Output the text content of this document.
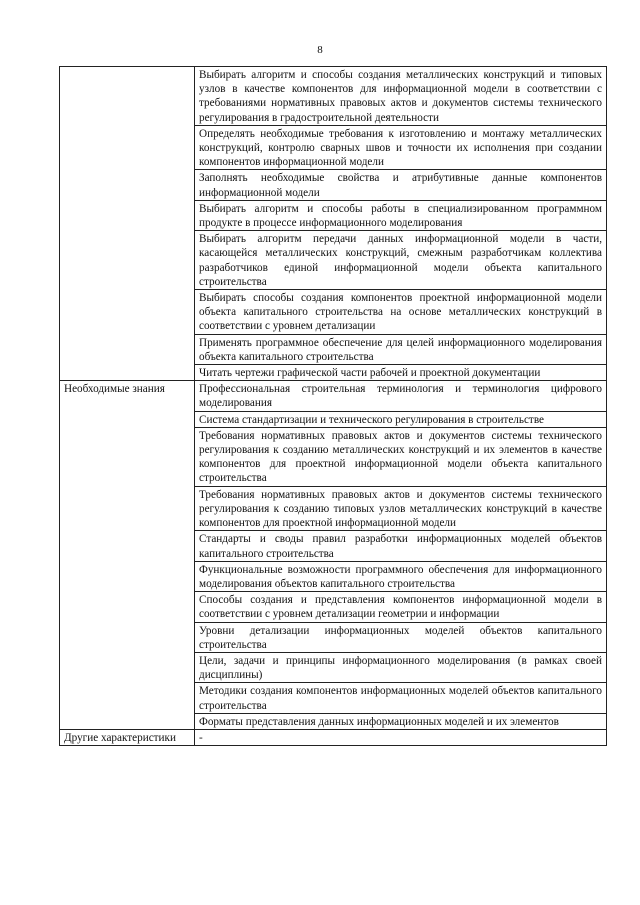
8
	Выбирать алгоритм и способы создания металлических конструкций и типовых узлов в качестве компонентов для информационной модели в соответствии с требованиями нормативных правовых актов и документов системы технического регулирования в градостроительной деятельности
	Определять необходимые требования к изготовлению и монтажу металлических конструкций, контролю сварных швов и точности их исполнения при создании компонентов информационной модели
	Заполнять необходимые свойства и атрибутивные данные компонентов информационной модели
	Выбирать алгоритм и способы работы в специализированном программном продукте в процессе информационного моделирования
	Выбирать алгоритм передачи данных информационной модели в части, касающейся металлических конструкций, смежным разработчикам коллектива разработчиков единой информационной модели объекта капитального строительства
	Выбирать способы создания компонентов проектной информационной модели объекта капитального строительства на основе металлических конструкций в соответствии с уровнем детализации
	Применять программное обеспечение для целей информационного моделирования объекта капитального строительства
	Читать чертежи графической части рабочей и проектной документации
Необходимые знания	Профессиональная строительная терминология и терминология цифрового моделирования
	Система стандартизации и технического регулирования в строительстве
	Требования нормативных правовых актов и документов системы технического регулирования к созданию металлических конструкций и их элементов в качестве компонентов для проектной информационной модели объекта капитального строительства
	Требования нормативных правовых актов и документов системы технического регулирования к созданию типовых узлов металлических конструкций в качестве компонентов для проектной информационной модели
	Стандарты и своды правил разработки информационных моделей объектов капитального строительства
	Функциональные возможности программного обеспечения для информационного моделирования объектов капитального строительства
	Способы создания и представления компонентов информационной модели в соответствии с уровнем детализации геометрии и информации
	Уровни детализации информационных моделей объектов капитального строительства
	Цели, задачи и принципы информационного моделирования (в рамках своей дисциплины)
	Методики создания компонентов информационных моделей объектов капитального строительства
	Форматы представления данных информационных моделей и их элементов
Другие характеристики	-
